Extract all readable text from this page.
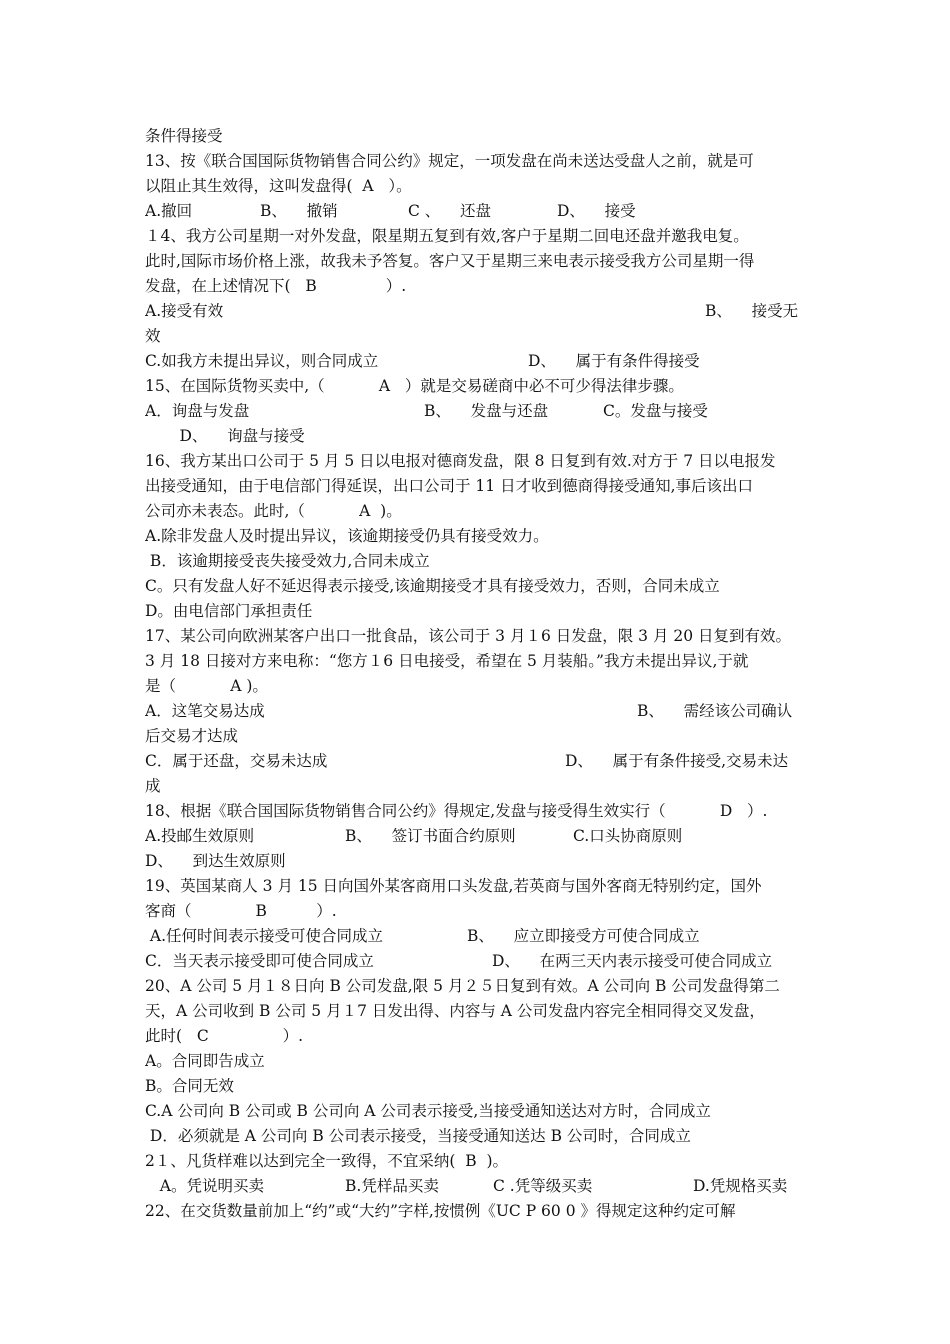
条件得接受
13、按《联合国国际货物销售合同公约》规定，一项发盘在尚未送达受盘人之前，就是可
以阻止其生效得，这叫发盘得(  A   ）。

A.撤回

	B、    撤销

	C 、    还盘

	D、    接受

１4、我方公司星期一对外发盘，限星期五复到有效,客户于星期二回电还盘并邀我电复。
此时,国际市场价格上涨，故我未予答复。客户又于星期三来电表示接受我方公司星期一得
发盘，在上述情况下(   B              ）.

A.接受有效

	B、    接受无

效

C.如我方未提出异议，则合同成立

	D、    属于有条件得接受

15、在国际货物买卖中,（           A   ）就是交易磋商中必不可少得法律步骤。

A．询盘与发盘

	B、    发盘与还盘

	C。发盘与接受

D、    询盘与接受
16、我方某出口公司于 5 月 5 日以电报对德商发盘，限 8 日复到有效.对方于 7 日以电报发
出接受通知，由于电信部门得延误，出口公司于 11 日才收到德商得接受通知,事后该出口
公司亦未表态。此时,（           A  )。
A.除非发盘人及时提出异议，该逾期接受仍具有接受效力。
B．该逾期接受丧失接受效力,合同未成立
C。只有发盘人好不延迟得表示接受,该逾期接受才具有接受效力，否则，合同未成立
D。由电信部门承担责任
17、某公司向欧洲某客户出口一批食品，该公司于 3 月１6 日发盘，限 3 月 20 日复到有效。
3 月 18 日接对方来电称：“您方１6 日电接受，希望在 5 月装船。”我方未提出异议,于就
是（           A )。

A．这笔交易达成

	B、    需经该公司确认

后交易才达成

C．属于还盘，交易未达成

	D、    属于有条件接受,交易未达

成
18、根据《联合国国际货物销售合同公约》得规定,发盘与接受得生效实行（           D   ）.

A.投邮生效原则

	B、    签订书面合约原则

	C.口头协商原则

D、    到达生效原则
19、英国某商人 3 月 15 日向国外某客商用口头发盘,若英商与国外客商无特别约定，国外
客商（             B          ）.

A.任何时间表示接受可使合同成立

	B、    应立即接受方可使合同成立

C．当天表示接受即可使合同成立

	D、    在两三天内表示接受可使合同成立

20、A 公司 5 月１８日向 B 公司发盘,限 5 月２５日复到有效。A 公司向 B 公司发盘得第二
天，A 公司收到 B 公司 5 月１7 日发出得、内容与 A 公司发盘内容完全相同得交叉发盘，
此时(   C               ）.
A。合同即告成立
B。合同无效
C.A 公司向 B 公司或 B 公司向 A 公司表示接受,当接受通知送达对方时，合同成立
D．必须就是 A 公司向 B 公司表示接受，当接受通知送达 B 公司时，合同成立
2１、凡货样难以达到完全一致得，不宜采纳(  B  )。

A。凭说明买卖

	B.凭样品买卖

	C .凭等级买卖

	D.凭规格买卖

22、在交货数量前加上“约”或“大约”字样,按惯例《UC P 60 0 》得规定这种约定可解
